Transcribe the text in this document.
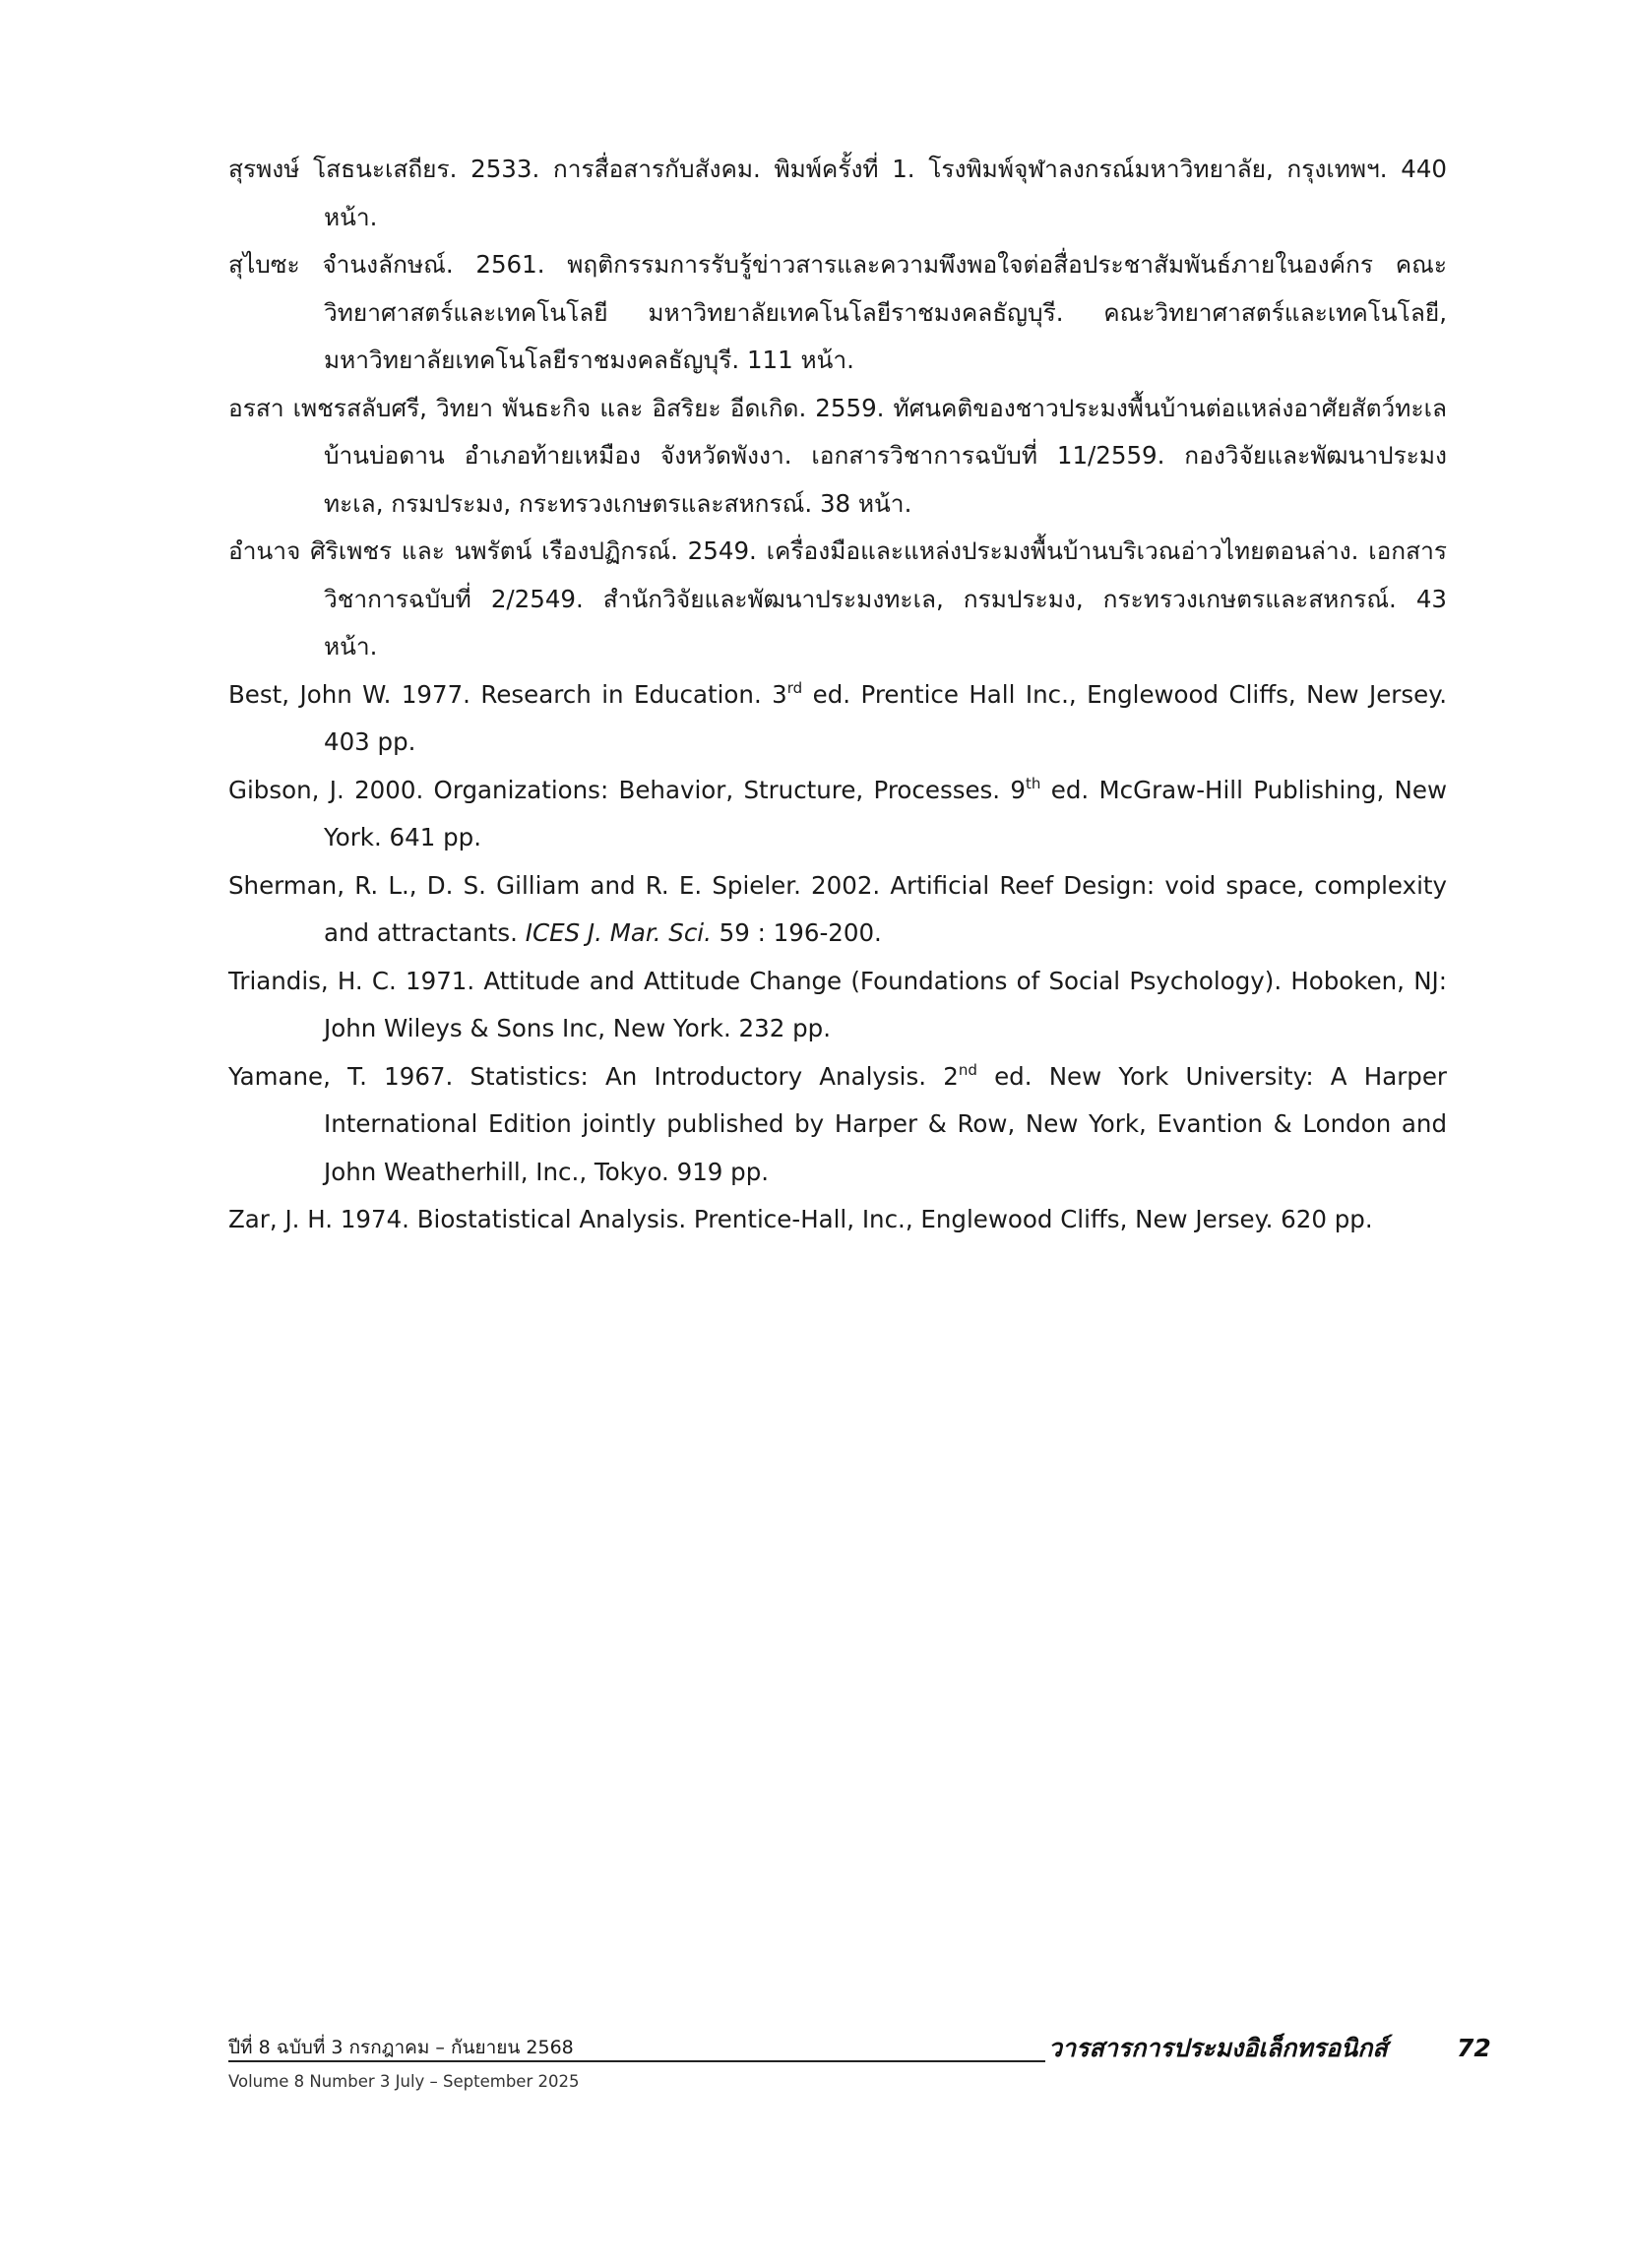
สุรพงษ์ โสธนะเสถียร. 2533. การสื่อสารกับสังคม. พิมพ์ครั้งที่ 1. โรงพิมพ์จุฬาลงกรณ์มหาวิทยาลัย, กรุงเทพฯ. 440 หน้า.

สุไบซะ จำนงลักษณ์. 2561. พฤติกรรมการรับรู้ข่าวสารและความพึงพอใจต่อสื่อประชาสัมพันธ์ภายในองค์กร คณะวิทยาศาสตร์และเทคโนโลยี มหาวิทยาลัยเทคโนโลยีราชมงคลธัญบุรี. คณะวิทยาศาสตร์และเทคโนโลยี, มหาวิทยาลัยเทคโนโลยีราชมงคลธัญบุรี. 111 หน้า.

อรสา เพชรสลับศรี, วิทยา พันธะกิจ และ อิสริยะ อีดเกิด. 2559. ทัศนคติของชาวประมงพื้นบ้านต่อแหล่งอาศัยสัตว์ทะเลบ้านบ่อดาน อำเภอท้ายเหมือง จังหวัดพังงา. เอกสารวิชาการฉบับที่ 11/2559. กองวิจัยและพัฒนาประมงทะเล, กรมประมง, กระทรวงเกษตรและสหกรณ์. 38 หน้า.

อำนาจ ศิริเพชร และ นพรัตน์ เรืองปฏิกรณ์. 2549. เครื่องมือและแหล่งประมงพื้นบ้านบริเวณอ่าวไทยตอนล่าง. เอกสารวิชาการฉบับที่ 2/2549. สำนักวิจัยและพัฒนาประมงทะเล, กรมประมง, กระทรวงเกษตรและสหกรณ์. 43 หน้า.

Best, John W. 1977. Research in Education. 3rd ed. Prentice Hall Inc., Englewood Cliffs, New Jersey. 403 pp.

Gibson, J. 2000. Organizations: Behavior, Structure, Processes. 9th ed. McGraw-Hill Publishing, New York. 641 pp.

Sherman, R. L., D. S. Gilliam and R. E. Spieler. 2002. Artificial Reef Design: void space, complexity and attractants. ICES J. Mar. Sci. 59 : 196-200.

Triandis, H. C. 1971. Attitude and Attitude Change (Foundations of Social Psychology). Hoboken, NJ: John Wileys & Sons Inc, New York. 232 pp.

Yamane, T. 1967. Statistics: An Introductory Analysis. 2nd ed. New York University: A Harper International Edition jointly published by Harper & Row, New York, Evantion & London and John Weatherhill, Inc., Tokyo. 919 pp.

Zar, J. H. 1974. Biostatistical Analysis. Prentice-Hall, Inc., Englewood Cliffs, New Jersey. 620 pp.

ปีที่ 8 ฉบับที่ 3 กรกฎาคม – กันยายน 2568
Volume 8 Number 3 July – September 2025
วารสารการประมงอิเล็กทรอนิกส์	72
